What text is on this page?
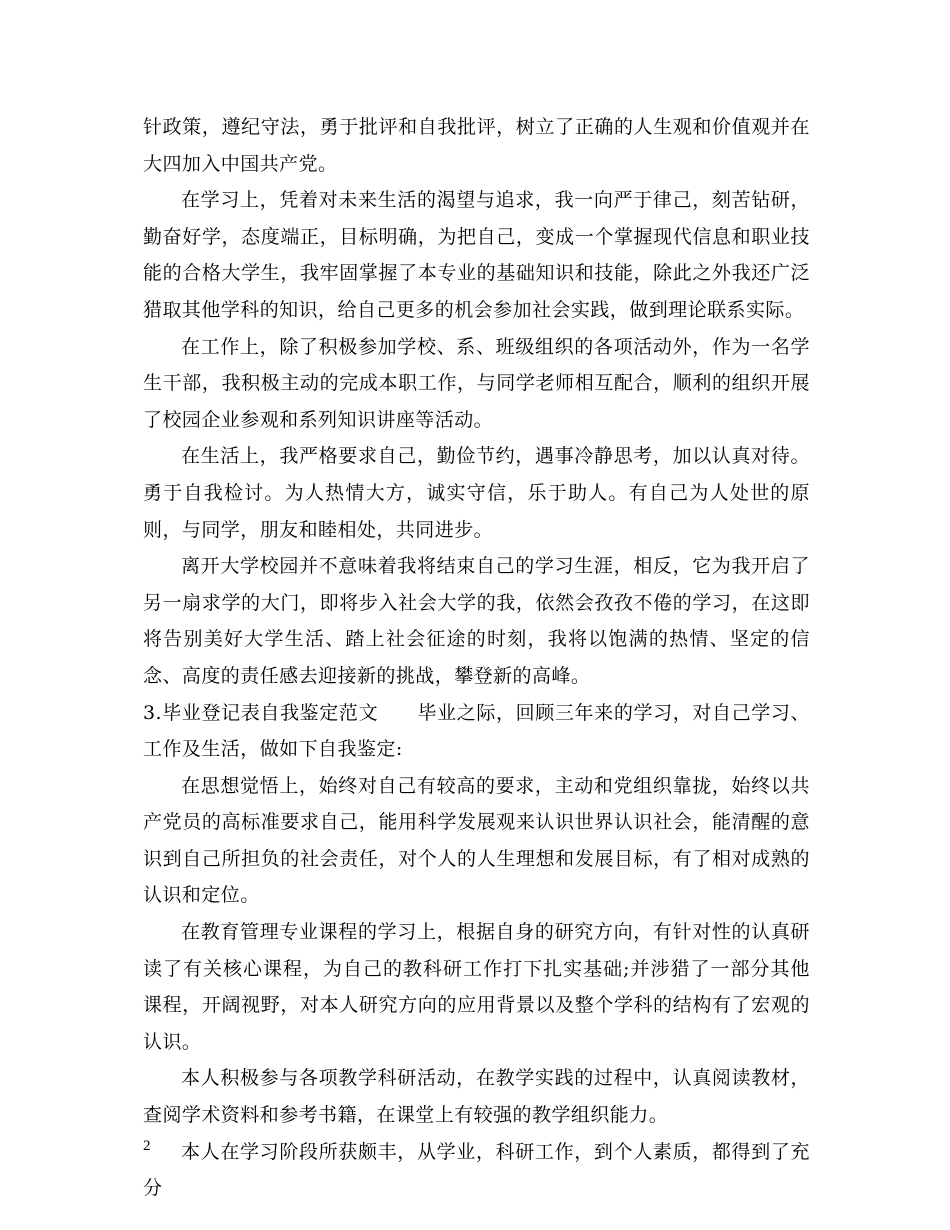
针政策，遵纪守法，勇于批评和自我批评，树立了正确的人生观和价值观并在大四加入中国共产党。

在学习上，凭着对未来生活的渴望与追求，我一向严于律己，刻苦钻研，勤奋好学，态度端正，目标明确，为把自己，变成一个掌握现代信息和职业技能的合格大学生，我牢固掌握了本专业的基础知识和技能，除此之外我还广泛猎取其他学科的知识，给自己更多的机会参加社会实践，做到理论联系实际。

在工作上，除了积极参加学校、系、班级组织的各项活动外，作为一名学生干部，我积极主动的完成本职工作，与同学老师相互配合，顺利的组织开展了校园企业参观和系列知识讲座等活动。

在生活上，我严格要求自己，勤俭节约，遇事冷静思考，加以认真对待。勇于自我检讨。为人热情大方，诚实守信，乐于助人。有自己为人处世的原则，与同学，朋友和睦相处，共同进步。

离开大学校园并不意味着我将结束自己的学习生涯，相反，它为我开启了另一扇求学的大门，即将步入社会大学的我，依然会孜孜不倦的学习，在这即将告别美好大学生活、踏上社会征途的时刻，我将以饱满的热情、坚定的信念、高度的责任感去迎接新的挑战，攀登新的高峰。

3.毕业登记表自我鉴定范文　　毕业之际，回顾三年来的学习，对自己学习、工作及生活，做如下自我鉴定:

在思想觉悟上，始终对自己有较高的要求，主动和党组织靠拢，始终以共产党员的高标准要求自己，能用科学发展观来认识世界认识社会，能清醒的意识到自己所担负的社会责任，对个人的人生理想和发展目标，有了相对成熟的认识和定位。

在教育管理专业课程的学习上，根据自身的研究方向，有针对性的认真研读了有关核心课程，为自己的教科研工作打下扎实基础;并涉猎了一部分其他课程，开阔视野，对本人研究方向的应用背景以及整个学科的结构有了宏观的认识。

本人积极参与各项教学科研活动，在教学实践的过程中，认真阅读教材，查阅学术资料和参考书籍，在课堂上有较强的教学组织能力。

本人在学习阶段所获颇丰，从学业，科研工作，到个人素质，都得到了充分

2
